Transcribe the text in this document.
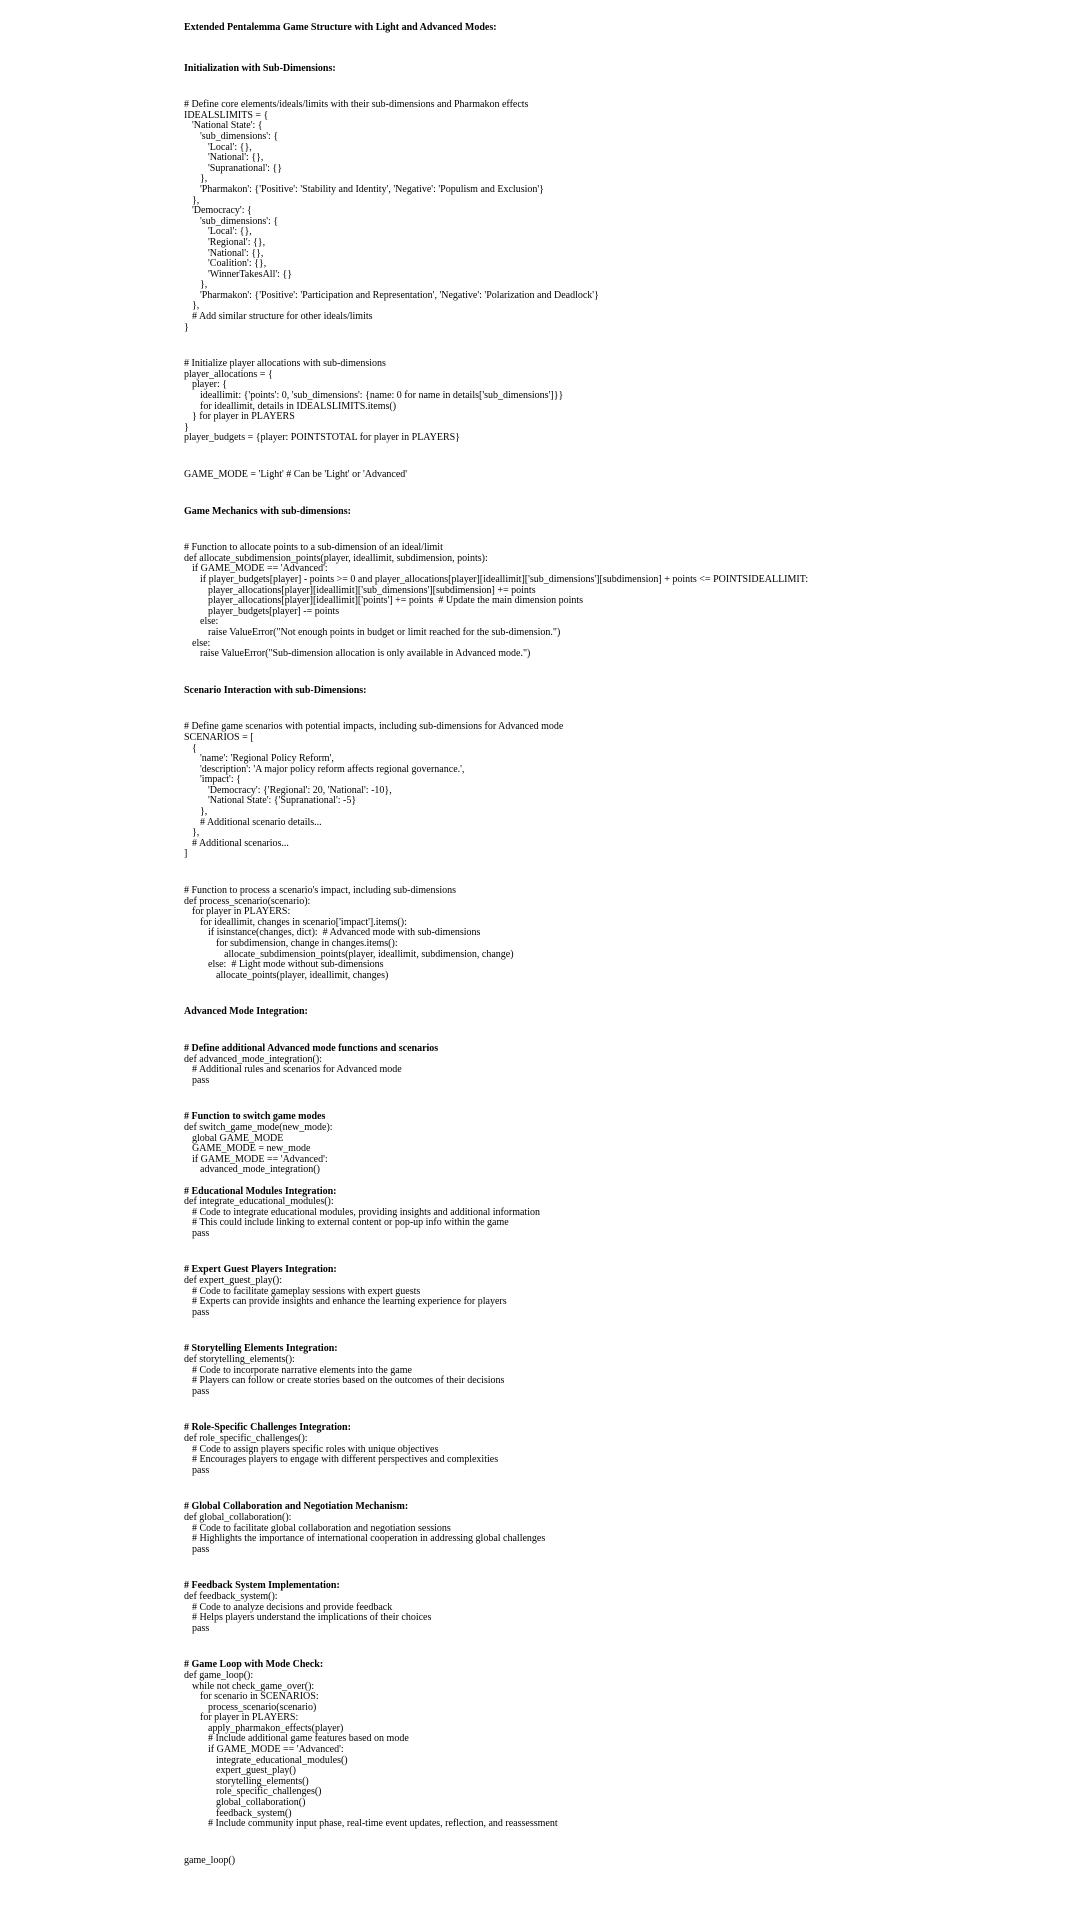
Extended Pentalemma Game Structure with Light and Advanced Modes:
Initialization with Sub-Dimensions:
# Define core elements/ideals/limits with their sub-dimensions and Pharmakon effects
IDEALSLIMITS = {
'National State': {
'sub_dimensions': {
'Local': {},
'National': {},
'Supranational': {}
},
'Pharmakon': {'Positive': 'Stability and Identity', 'Negative': 'Populism and Exclusion'}
},
'Democracy': {
'sub_dimensions': {
'Local': {},
'Regional': {},
'National': {},
'Coalition': {},
'WinnerTakesAll': {}
},
'Pharmakon': {'Positive': 'Participation and Representation', 'Negative': 'Polarization and Deadlock'}
},
# Add similar structure for other ideals/limits
}
# Initialize player allocations with sub-dimensions
player_allocations = {
player: {
ideallimit: {'points': 0, 'sub_dimensions': {name: 0 for name in details['sub_dimensions']}}
for ideallimit, details in IDEALSLIMITS.items()
} for player in PLAYERS
}
player_budgets = {player: POINTSTOTAL for player in PLAYERS}
GAME_MODE = 'Light' # Can be 'Light' or 'Advanced'
Game Mechanics with sub-dimensions:
# Function to allocate points to a sub-dimension of an ideal/limit
def allocate_subdimension_points(player, ideallimit, subdimension, points):
if GAME_MODE == 'Advanced':
if player_budgets[player] - points >= 0 and player_allocations[player][ideallimit]['sub_dimensions'][subdimension] + points <= POINTSIDEALLIMIT:
player_allocations[player][ideallimit]['sub_dimensions'][subdimension] += points
player_allocations[player][ideallimit]['points'] += points  # Update the main dimension points
player_budgets[player] -= points
else:
raise ValueError("Not enough points in budget or limit reached for the sub-dimension.")
else:
raise ValueError("Sub-dimension allocation is only available in Advanced mode.")
Scenario Interaction with sub-Dimensions:
# Define game scenarios with potential impacts, including sub-dimensions for Advanced mode
SCENARIOS = [
{
'name': 'Regional Policy Reform',
'description': 'A major policy reform affects regional governance.',
'impact': {
'Democracy': {'Regional': 20, 'National': -10},
'National State': {'Supranational': -5}
},
# Additional scenario details...
},
# Additional scenarios...
]
# Function to process a scenario's impact, including sub-dimensions
def process_scenario(scenario):
for player in PLAYERS:
for ideallimit, changes in scenario['impact'].items():
if isinstance(changes, dict):  # Advanced mode with sub-dimensions
for subdimension, change in changes.items():
allocate_subdimension_points(player, ideallimit, subdimension, change)
else:  # Light mode without sub-dimensions
allocate_points(player, ideallimit, changes)
Advanced Mode Integration:
# Define additional Advanced mode functions and scenarios
def advanced_mode_integration():
# Additional rules and scenarios for Advanced mode
pass
# Function to switch game modes
def switch_game_mode(new_mode):
global GAME_MODE
GAME_MODE = new_mode
if GAME_MODE == 'Advanced':
advanced_mode_integration()
# Educational Modules Integration:
def integrate_educational_modules():
# Code to integrate educational modules, providing insights and additional information
# This could include linking to external content or pop-up info within the game
pass
# Expert Guest Players Integration:
def expert_guest_play():
# Code to facilitate gameplay sessions with expert guests
# Experts can provide insights and enhance the learning experience for players
pass
# Storytelling Elements Integration:
def storytelling_elements():
# Code to incorporate narrative elements into the game
# Players can follow or create stories based on the outcomes of their decisions
pass
# Role-Specific Challenges Integration:
def role_specific_challenges():
# Code to assign players specific roles with unique objectives
# Encourages players to engage with different perspectives and complexities
pass
# Global Collaboration and Negotiation Mechanism:
def global_collaboration():
# Code to facilitate global collaboration and negotiation sessions
# Highlights the importance of international cooperation in addressing global challenges
pass
# Feedback System Implementation:
def feedback_system():
# Code to analyze decisions and provide feedback
# Helps players understand the implications of their choices
pass
# Game Loop with Mode Check:
def game_loop():
while not check_game_over():
for scenario in SCENARIOS:
process_scenario(scenario)
for player in PLAYERS:
apply_pharmakon_effects(player)
# Include additional game features based on mode
if GAME_MODE == 'Advanced':
integrate_educational_modules()
expert_guest_play()
storytelling_elements()
role_specific_challenges()
global_collaboration()
feedback_system()
# Include community input phase, real-time event updates, reflection, and reassessment
game_loop()
